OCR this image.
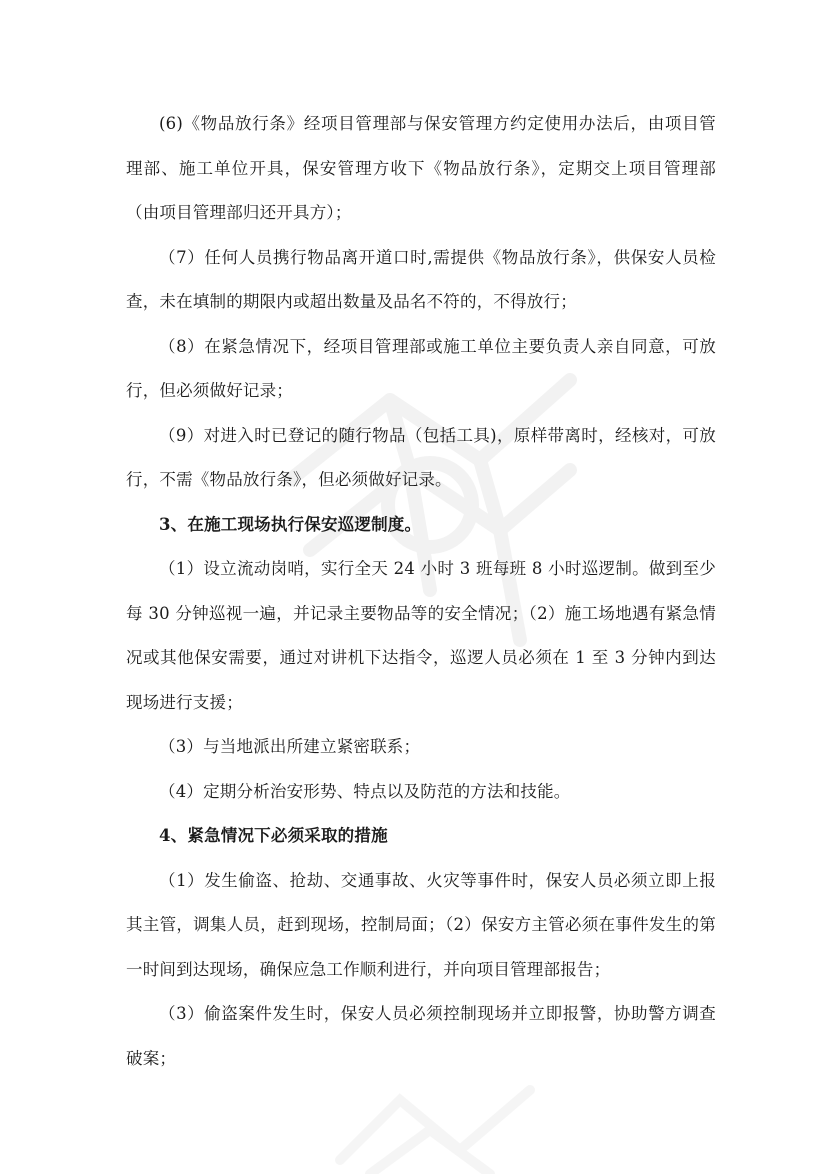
(6)《物品放行条》经项目管理部与保安管理方约定使用办法后，由项目管理部、施工单位开具，保安管理方收下《物品放行条》，定期交上项目管理部（由项目管理部归还开具方）；

（7）任何人员携行物品离开道口时,需提供《物品放行条》，供保安人员检查，未在填制的期限内或超出数量及品名不符的，不得放行；

（8）在紧急情况下，经项目管理部或施工单位主要负责人亲自同意，可放行，但必须做好记录；

（9）对进入时已登记的随行物品（包括工具)，原样带离时，经核对，可放行，不需《物品放行条》，但必须做好记录。

3、在施工现场执行保安巡逻制度。

（1）设立流动岗哨，实行全天 24 小时 3 班每班 8 小时巡逻制。做到至少每 30 分钟巡视一遍，并记录主要物品等的安全情况；（2）施工场地遇有紧急情况或其他保安需要，通过对讲机下达指令，巡逻人员必须在 1 至 3 分钟内到达现场进行支援；

（3）与当地派出所建立紧密联系；

（4）定期分析治安形势、特点以及防范的方法和技能。

4、紧急情况下必须采取的措施

（1）发生偷盗、抢劫、交通事故、火灾等事件时，保安人员必须立即上报其主管，调集人员，赶到现场，控制局面；（2）保安方主管必须在事件发生的第一时间到达现场，确保应急工作顺利进行，并向项目管理部报告；

（3）偷盗案件发生时，保安人员必须控制现场并立即报警，协助警方调查破案；
